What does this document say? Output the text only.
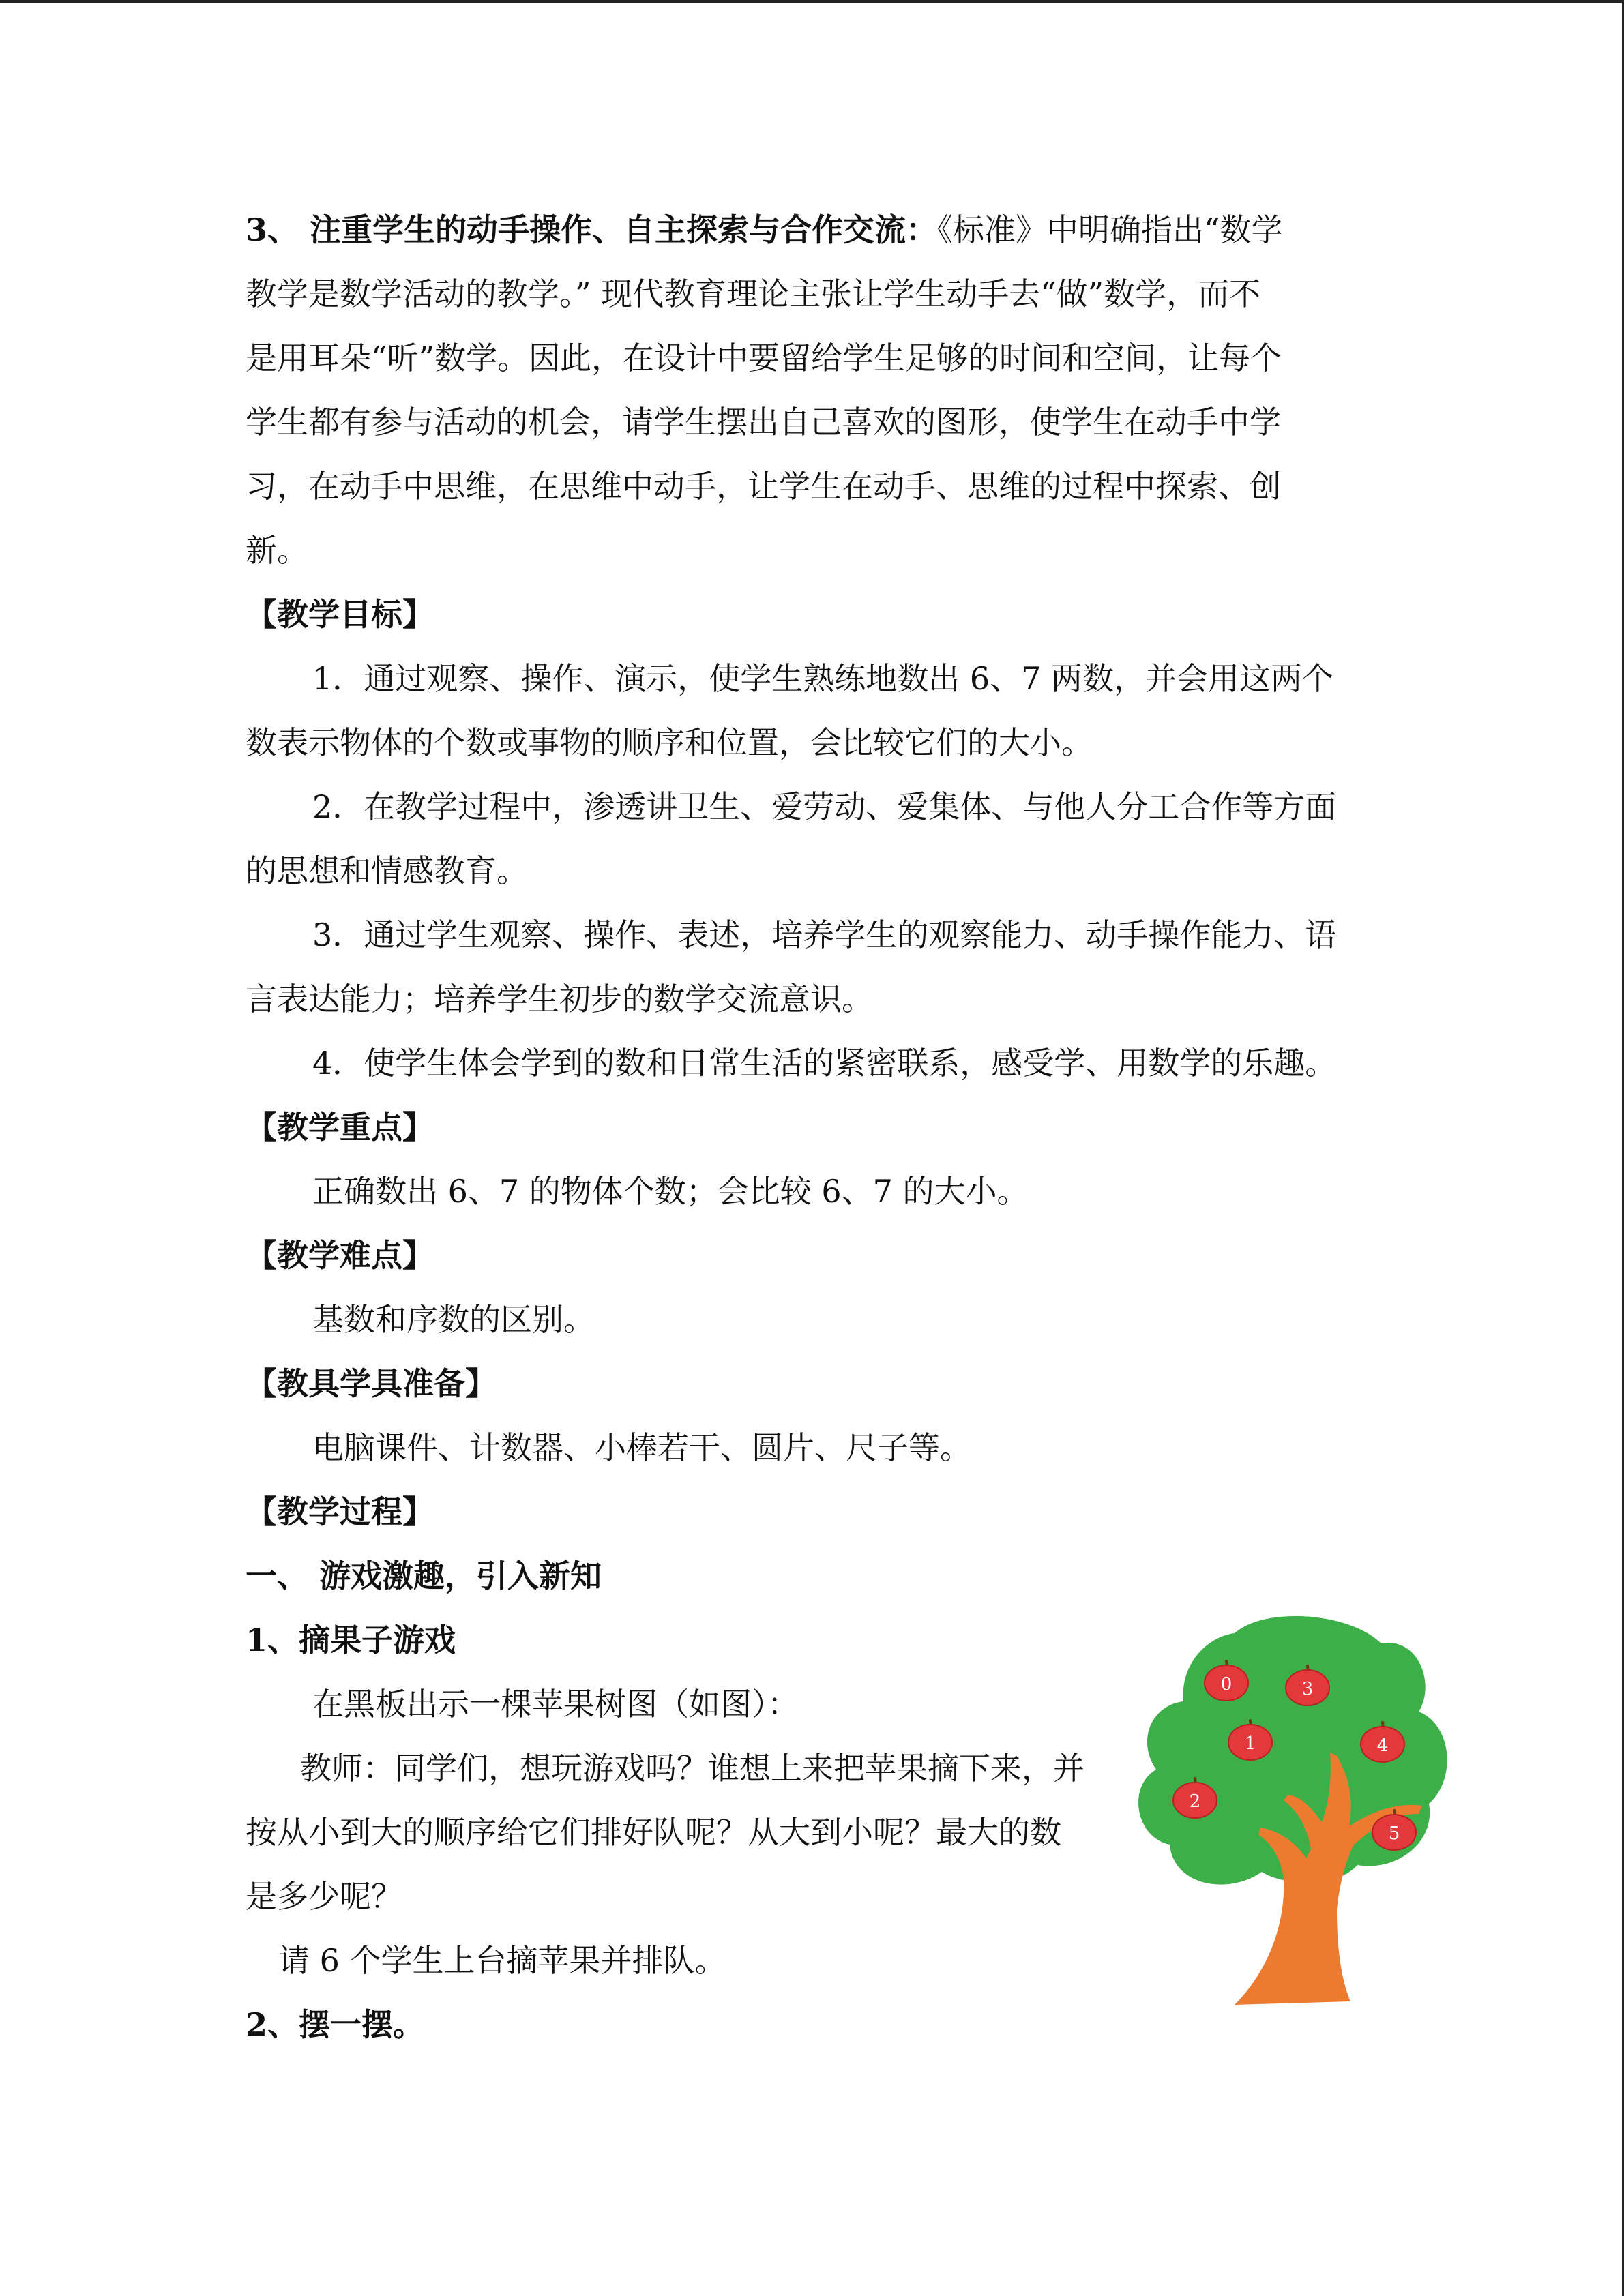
3、 注重学生的动手操作、自主探索与合作交流：《标准》中明确指出“数学

教学是数学活动的教学。” 现代教育理论主张让学生动手去“做”数学，而不

是用耳朵“听”数学。因此，在设计中要留给学生足够的时间和空间，让每个

学生都有参与活动的机会，请学生摆出自己喜欢的图形，使学生在动手中学

习，在动手中思维，在思维中动手，让学生在动手、思维的过程中探索、创

新。

【教学目标】

1．通过观察、操作、演示，使学生熟练地数出 6、7 两数，并会用这两个

数表示物体的个数或事物的顺序和位置，会比较它们的大小。

2．在教学过程中，渗透讲卫生、爱劳动、爱集体、与他人分工合作等方面

的思想和情感教育。

3．通过学生观察、操作、表述，培养学生的观察能力、动手操作能力、语

言表达能力；培养学生初步的数学交流意识。

4．使学生体会学到的数和日常生活的紧密联系，感受学、用数学的乐趣。

【教学重点】

正确数出 6、7 的物体个数；会比较 6、7 的大小。

【教学难点】

基数和序数的区别。

【教具学具准备】

电脑课件、计数器、小棒若干、圆片、尺子等。

【教学过程】

一、 游戏激趣，引入新知

1、摘果子游戏

在黑板出示一棵苹果树图（如图）：

教师：同学们，想玩游戏吗？谁想上来把苹果摘下来，并

按从小到大的顺序给它们排好队呢？从大到小呢？最大的数

是多少呢？

请 6 个学生上台摘苹果并排队。

2、摆一摆。

0	3
1	4
2
5
